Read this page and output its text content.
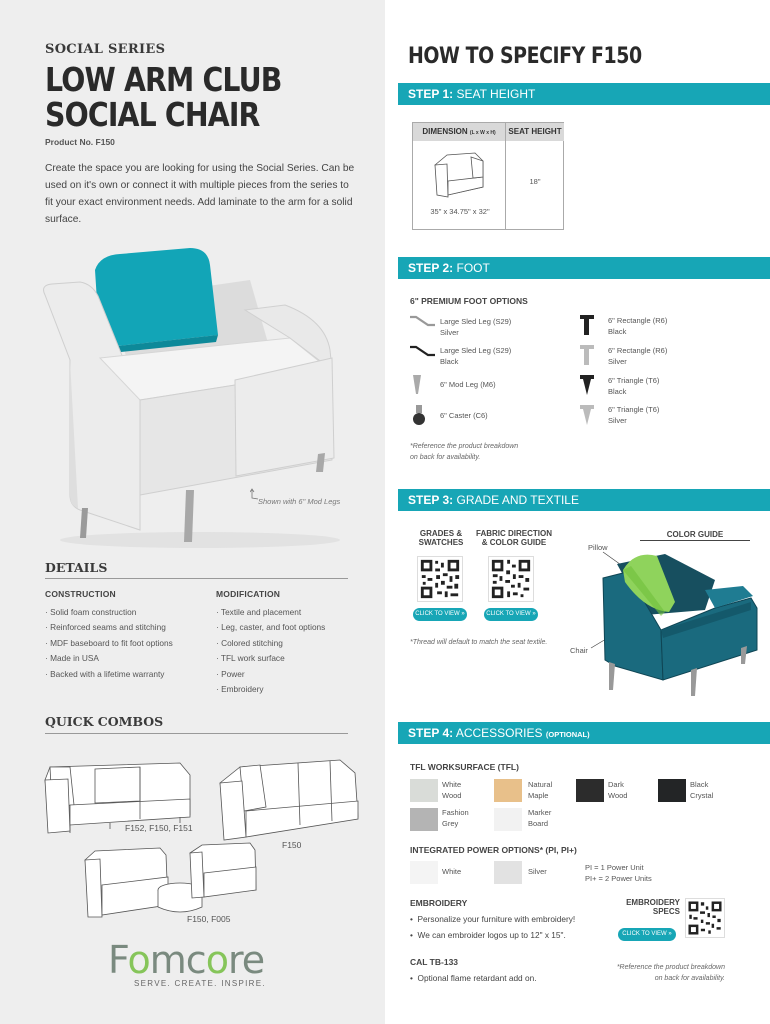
SOCIAL SERIES
LOW ARM CLUB
SOCIAL CHAIR
Product No. F150
Create the space you are looking for using the Social Series. Can be used on it's own or connect it with multiple pieces from the series to fit your exact environment needs. Add laminate to the arm for a solid surface.
Shown with 6" Mod Legs
DETAILS
CONSTRUCTION
· Solid foam construction
· Reinforced seams and stitching
· MDF baseboard to fit foot options
· Made in USA
· Backed with a lifetime warranty
MODIFICATION
· Textile and placement
· Leg, caster, and foot options
· Colored stitching
· TFL work surface
· Power
· Embroidery
QUICK COMBOS
F152, F150, F151
F150
F150, F005
Fomcore
SERVE. CREATE. INSPIRE.
HOW TO SPECIFY F150
STEP 1: SEAT HEIGHT
DIMENSION (L x W x H)	SEAT HEIGHT
35" x 34.75" x 32"
18"
STEP 2: FOOT
6" PREMIUM FOOT OPTIONS
Large Sled Leg (S29)
Silver
Large Sled Leg (S29)
Black
6" Mod Leg (M6)
6" Caster (C6)
6" Rectangle (R6)
Black
6" Rectangle (R6)
Silver
6" Triangle (T6)
Black
6" Triangle (T6)
Silver
*Reference the product breakdown
on back for availability.
STEP 3: GRADE AND TEXTILE
GRADES &
SWATCHES
FABRIC DIRECTION
& COLOR GUIDE
CLICK TO VIEW »	CLICK TO VIEW »
*Thread will default to match the seat textile.
COLOR GUIDE
Pillow
Chair
STEP 4: ACCESSORIES (OPTIONAL)
TFL WORKSURFACE (TFL)
White
Wood
Natural
Maple
Dark
Wood
Black
Crystal
Fashion
Grey
Marker
Board
INTEGRATED POWER OPTIONS* (PI, PI+)
White	Silver	PI = 1 Power Unit
PI+ = 2 Power Units
EMBROIDERY
•  Personalize your furniture with embroidery!
•  We can embroider logos up to 12" x 15".
EMBROIDERY
SPECS
CLICK TO VIEW »
CAL TB-133
•  Optional flame retardant add on.
*Reference the product breakdown
on back for availability.
